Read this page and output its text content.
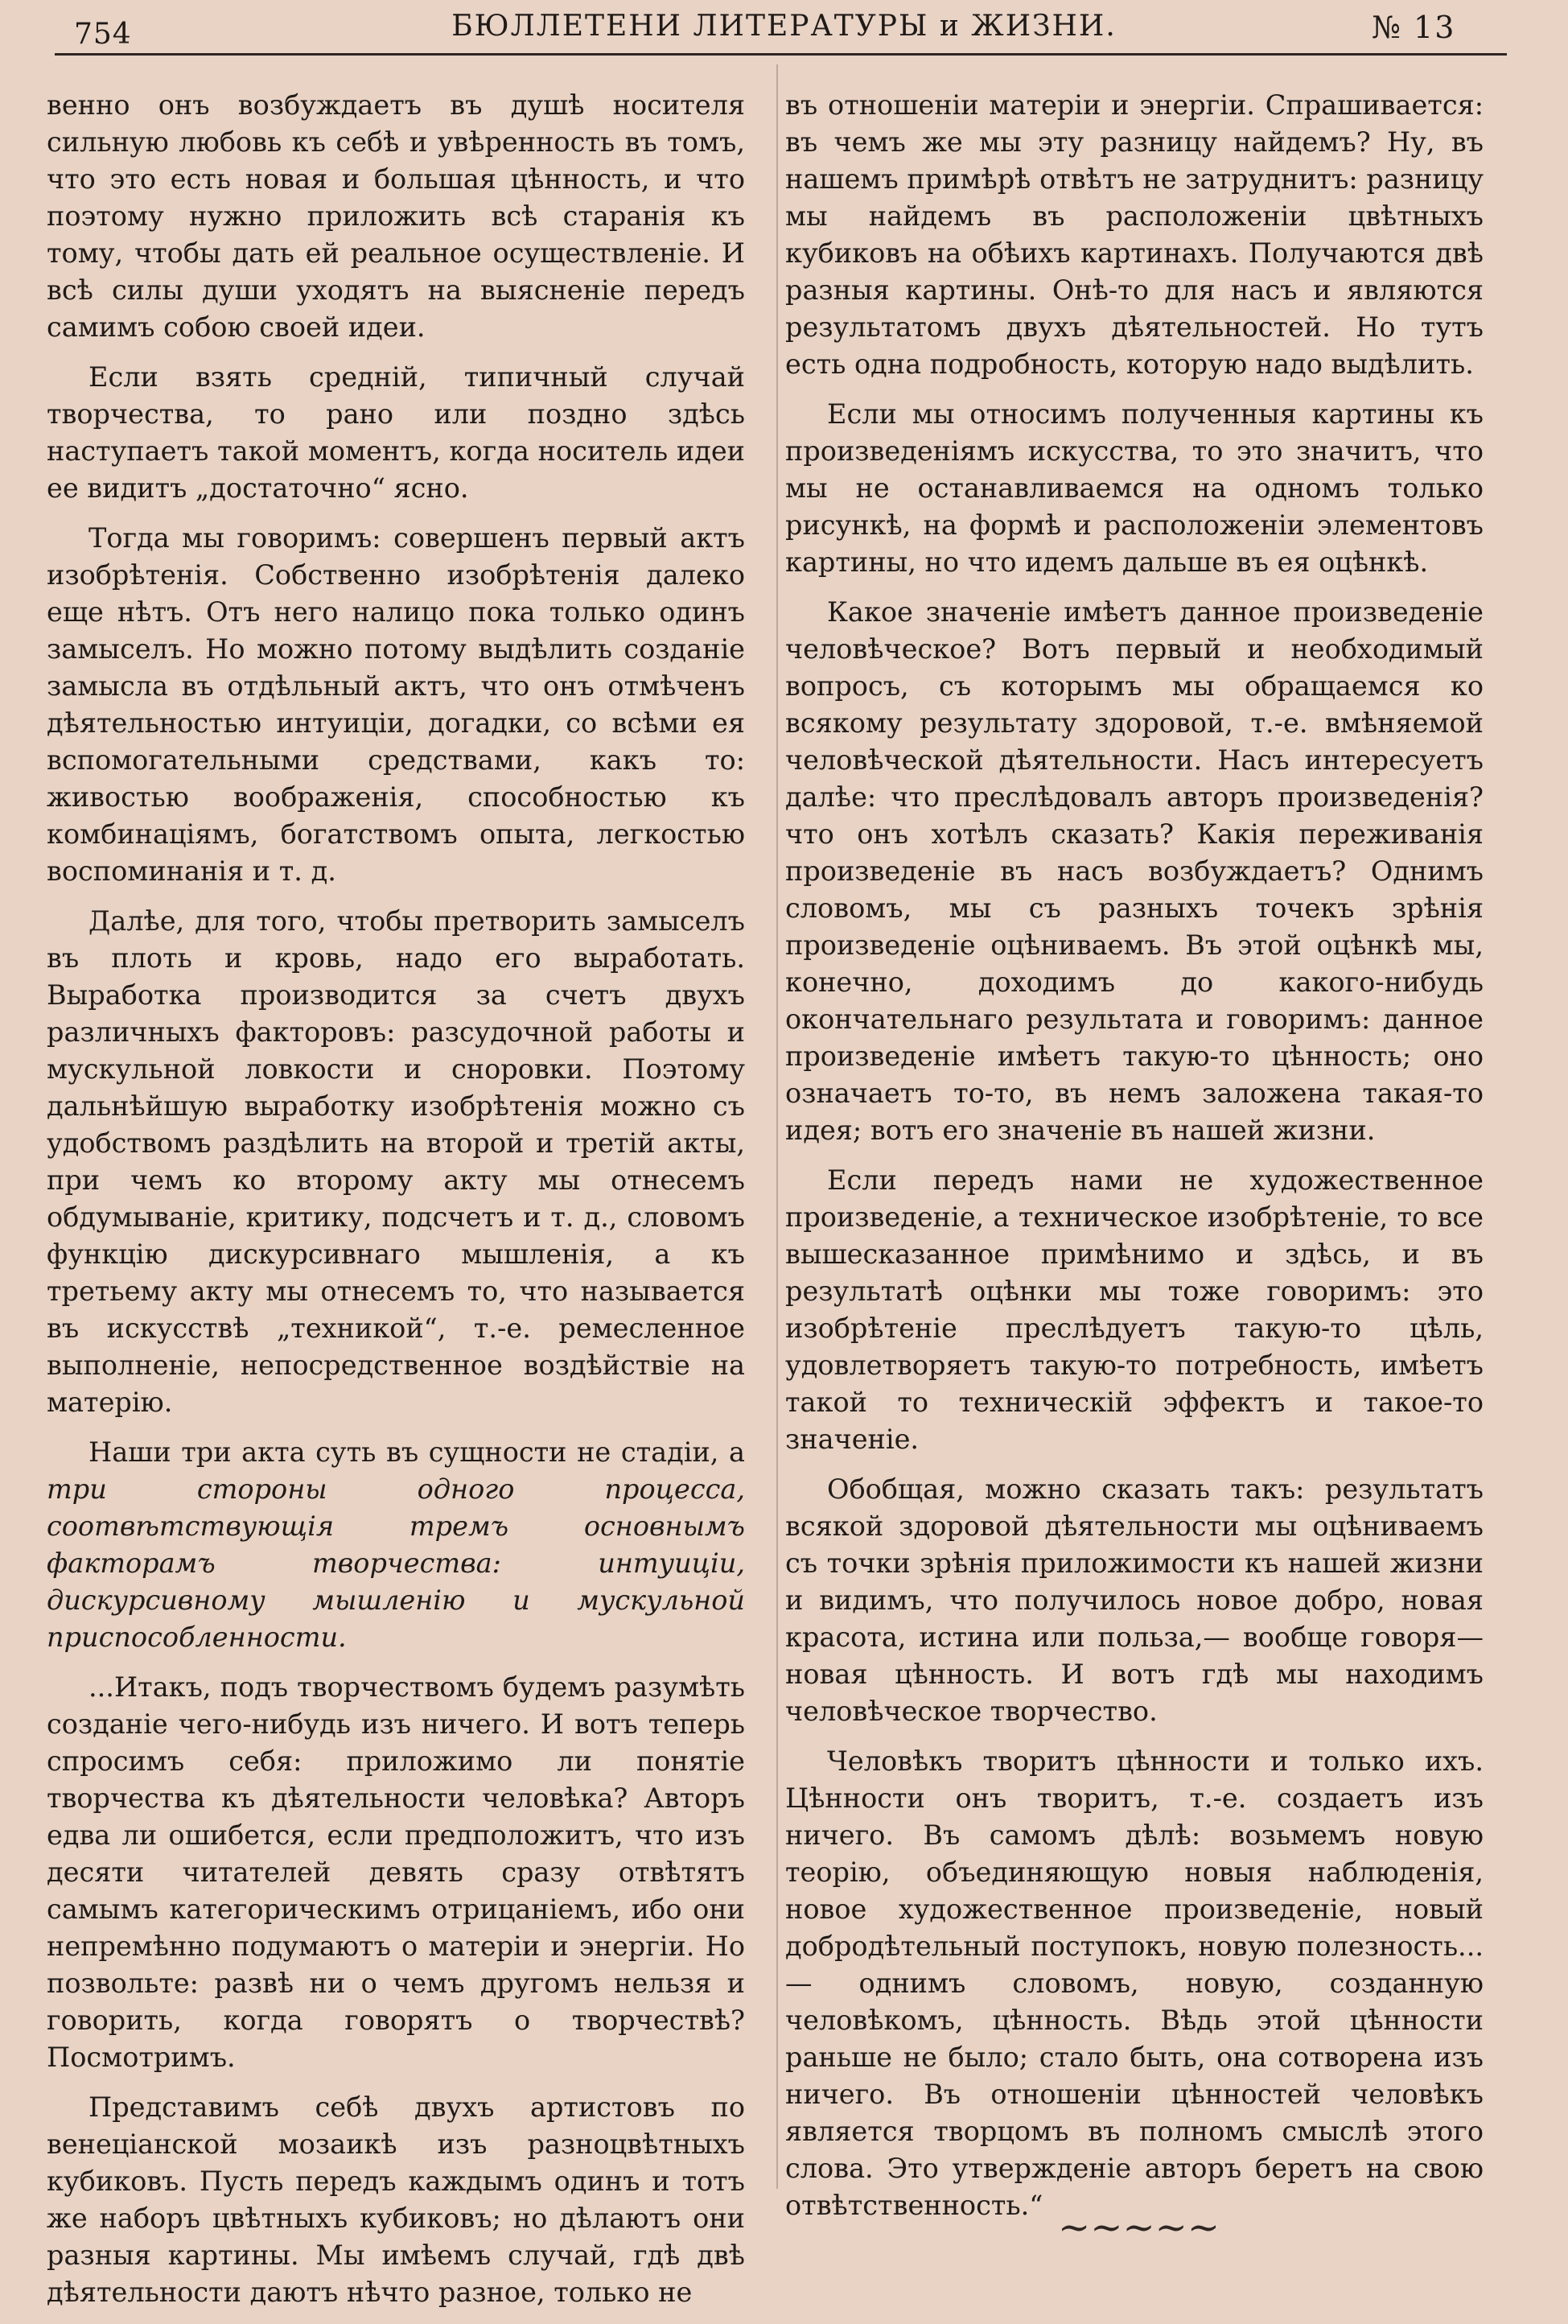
754	БЮЛЛЕТЕНИ ЛИТЕРАТУРЫ и ЖИЗНИ.	№ 13

венно онъ возбуждаетъ въ душѣ носителя сильную любовь къ себѣ и увѣренность въ томъ, что это есть новая и большая цѣнность, и что поэтому нужно приложить всѣ старанія къ тому, чтобы дать ей реальное осуществленіе. И всѣ силы души уходятъ на выясненіе передъ самимъ собою своей идеи.

Если взять средній, типичный случай творчества, то рано или поздно здѣсь наступаетъ такой моментъ, когда носитель идеи ее видитъ „достаточно“ ясно.

Тогда мы говоримъ: совершенъ первый актъ изобрѣтенія. Собственно изобрѣтенія далеко еще нѣтъ. Отъ него налицо пока только одинъ замыселъ. Но можно потому выдѣлить созданіе замысла въ отдѣльный актъ, что онъ отмѣченъ дѣятельностью интуиціи, догадки, со всѣми ея вспомогательными средствами, какъ то: живостью воображенія, способностью къ комбинаціямъ, богатствомъ опыта, легкостью воспоминанія и т. д.

Далѣе, для того, чтобы претворить замыселъ въ плоть и кровь, надо его выработать. Выработка производится за счетъ двухъ различныхъ факторовъ: разсудочной работы и мускульной ловкости и сноровки. Поэтому дальнѣйшую выработку изобрѣтенія можно съ удобствомъ раздѣлить на второй и третій акты, при чемъ ко второму акту мы отнесемъ обдумываніе, критику, подсчетъ и т. д., словомъ функцію дискурсивнаго мышленія, а къ третьему акту мы отнесемъ то, что называется въ искусствѣ „техникой“, т.-е. ремесленное выполненіе, непосредственное воздѣйствіе на матерію.

Наши три акта суть въ сущности не стадіи, а три стороны одного процесса, соотвѣтствующія тремъ основнымъ факторамъ творчества: интуиціи, дискурсивному мышленію и мускульной приспособленности.

...Итакъ, подъ творчествомъ будемъ разумѣть созданіе чего-нибудь изъ ничего. И вотъ теперь спросимъ себя: приложимо ли понятіе творчества къ дѣятельности человѣка? Авторъ едва ли ошибется, если предположитъ, что изъ десяти читателей девять сразу отвѣтятъ самымъ категорическимъ отрицаніемъ, ибо они непремѣнно подумаютъ о матеріи и энергіи. Но позвольте: развѣ ни о чемъ другомъ нельзя и говорить, когда говорятъ о творчествѣ? Посмотримъ.

Представимъ себѣ двухъ артистовъ по венеціанской мозаикѣ изъ разноцвѣтныхъ кубиковъ. Пусть передъ каждымъ одинъ и тотъ же наборъ цвѣтныхъ кубиковъ; но дѣлаютъ они разныя картины. Мы имѣемъ случай, гдѣ двѣ дѣятельности даютъ нѣчто разное, только не

въ отношеніи матеріи и энергіи. Спрашивается: въ чемъ же мы эту разницу найдемъ? Ну, въ нашемъ примѣрѣ отвѣтъ не затруднитъ: разницу мы найдемъ въ расположеніи цвѣтныхъ кубиковъ на обѣихъ картинахъ. Получаются двѣ разныя картины. Онѣ-то для насъ и являются результатомъ двухъ дѣятельностей. Но тутъ есть одна подробность, которую надо выдѣлить.

Если мы относимъ полученныя картины къ произведеніямъ искусства, то это значитъ, что мы не останавливаемся на одномъ только рисункѣ, на формѣ и расположеніи элементовъ картины, но что идемъ дальше въ ея оцѣнкѣ.

Какое значеніе имѣетъ данное произведеніе человѣческое? Вотъ первый и необходимый вопросъ, съ которымъ мы обращаемся ко всякому результату здоровой, т.-е. вмѣняемой человѣческой дѣятельности. Насъ интересуетъ далѣе: что преслѣдовалъ авторъ произведенія? что онъ хотѣлъ сказать? Какія переживанія произведеніе въ насъ возбуждаетъ? Однимъ словомъ, мы съ разныхъ точекъ зрѣнія произведеніе оцѣниваемъ. Въ этой оцѣнкѣ мы, конечно, доходимъ до какого-нибудь окончательнаго результата и говоримъ: данное произведеніе имѣетъ такую-то цѣнность; оно означаетъ то-то, въ немъ заложена такая-то идея; вотъ его значеніе въ нашей жизни.

Если передъ нами не художественное произведеніе, а техническое изобрѣтеніе, то все вышесказанное примѣнимо и здѣсь, и въ результатѣ оцѣнки мы тоже говоримъ: это изобрѣтеніе преслѣдуетъ такую-то цѣль, удовлетворяетъ такую-то потребность, имѣетъ такой то техническій эффектъ и такое-то значеніе.

Обобщая, можно сказать такъ: результатъ всякой здоровой дѣятельности мы оцѣниваемъ съ точки зрѣнія приложимости къ нашей жизни и видимъ, что получилось новое добро, новая красота, истина или польза,— вообще говоря— новая цѣнность. И вотъ гдѣ мы находимъ человѣческое творчество.

Человѣкъ творитъ цѣнности и только ихъ. Цѣнности онъ творитъ, т.-е. создаетъ изъ ничего. Въ самомъ дѣлѣ: возьмемъ новую теорію, объединяющую новыя наблюденія, новое художественное произведеніе, новый добродѣтельный поступокъ, новую полезность...— однимъ словомъ, новую, созданную человѣкомъ, цѣнность. Вѣдь этой цѣнности раньше не было; стало быть, она сотворена изъ ничего. Въ отношеніи цѣнностей человѣкъ является творцомъ въ полномъ смыслѣ этого слова. Это утвержденіе авторъ беретъ на свою отвѣтственность.“ ~~~~~
